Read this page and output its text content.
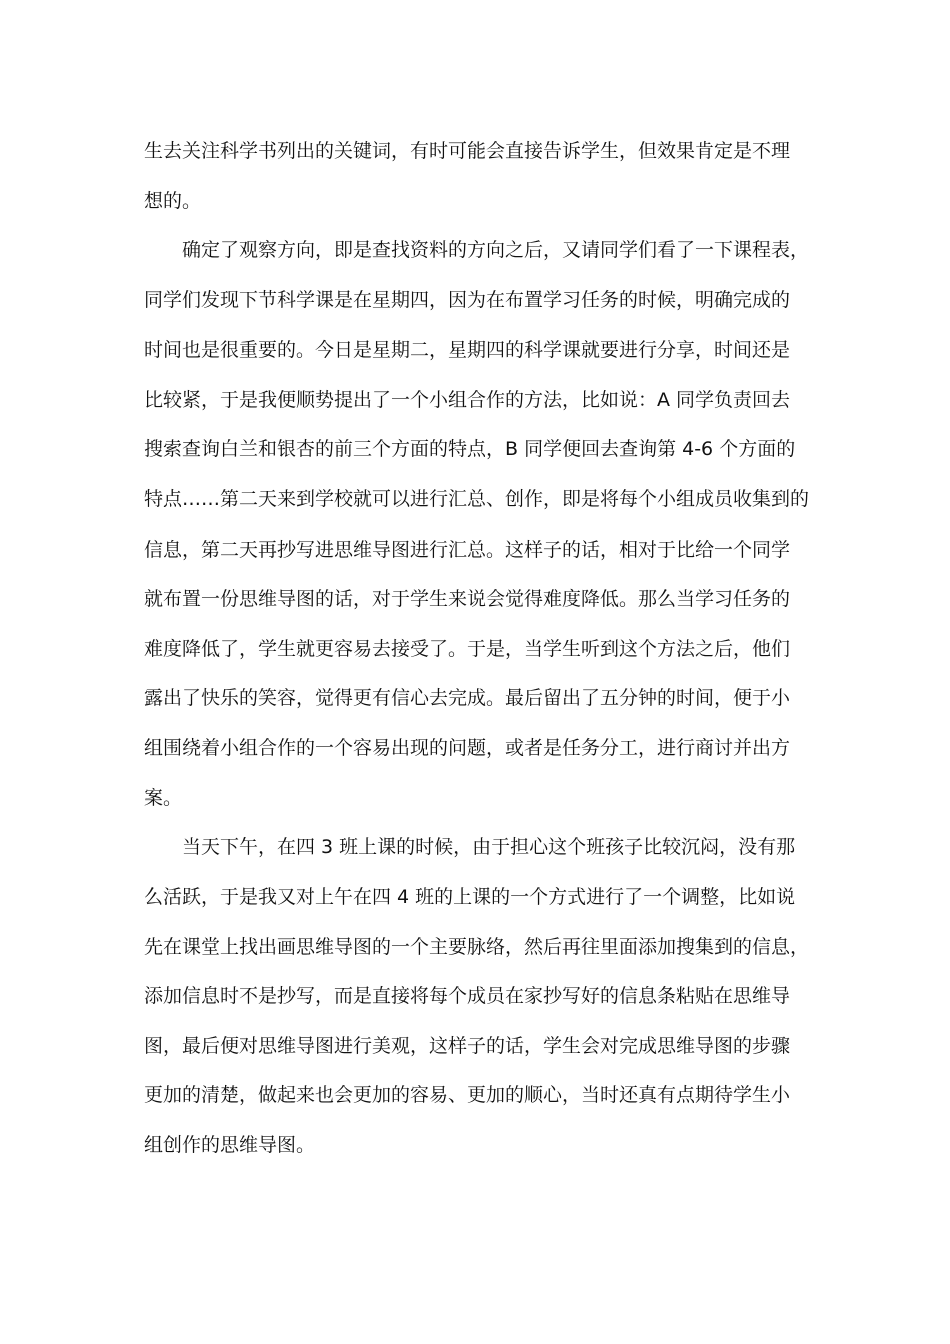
生去关注科学书列出的关键词，有时可能会直接告诉学生，但效果肯定是不理

想的。

　　确定了观察方向，即是查找资料的方向之后，又请同学们看了一下课程表，

同学们发现下节科学课是在星期四，因为在布置学习任务的时候，明确完成的

时间也是很重要的。今日是星期二，星期四的科学课就要进行分享，时间还是

比较紧，于是我便顺势提出了一个小组合作的方法，比如说：A 同学负责回去

搜索查询白兰和银杏的前三个方面的特点，B 同学便回去查询第 4-6 个方面的

特点……第二天来到学校就可以进行汇总、创作，即是将每个小组成员收集到的

信息，第二天再抄写进思维导图进行汇总。这样子的话，相对于比给一个同学

就布置一份思维导图的话，对于学生来说会觉得难度降低。那么当学习任务的

难度降低了，学生就更容易去接受了。于是，当学生听到这个方法之后，他们

露出了快乐的笑容，觉得更有信心去完成。最后留出了五分钟的时间，便于小

组围绕着小组合作的一个容易出现的问题，或者是任务分工，进行商讨并出方

案。

　　当天下午，在四 3 班上课的时候，由于担心这个班孩子比较沉闷，没有那

么活跃，于是我又对上午在四 4 班的上课的一个方式进行了一个调整，比如说

先在课堂上找出画思维导图的一个主要脉络，然后再往里面添加搜集到的信息，

添加信息时不是抄写，而是直接将每个成员在家抄写好的信息条粘贴在思维导

图，最后便对思维导图进行美观，这样子的话，学生会对完成思维导图的步骤

更加的清楚，做起来也会更加的容易、更加的顺心，当时还真有点期待学生小

组创作的思维导图。
